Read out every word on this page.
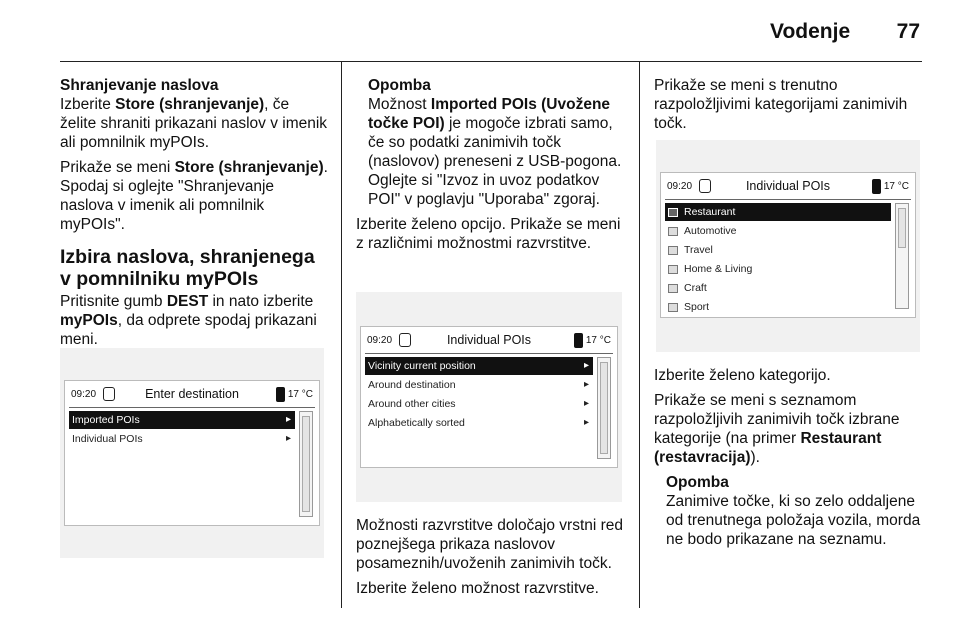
Vodenje 77
Shranjevanje naslova

Izberite Store (shranjevanje), če želite shraniti prikazani naslov v imenik ali pomnilnik myPOIs.

Prikaže se meni Store (shranjevanje). Spodaj si oglejte "Shranjevanje naslova v imenik ali pomnilnik myPOIs".

Izbira naslova, shranjenega v pomnilniku myPOIs

Pritisnite gumb DEST in nato izberite myPOIs, da odprete spodaj prikazani meni.

09:20	Enter destination	17 °C
Imported POIs	▸
Individual POIs	▸
Opomba

Možnost Imported POIs (Uvožene točke POI) je mogoče izbrati samo, če so podatki zanimivih točk (naslovov) preneseni z USB-pogona. Oglejte si "Izvoz in uvoz podatkov POI" v poglavju "Uporaba" zgoraj.

Izberite želeno opcijo. Prikaže se meni z različnimi možnostmi razvrstitve.

09:20	Individual POIs	17 °C
Vicinity current position	▸
Around destination	▸
Around other cities	▸
Alphabetically sorted	▸

Možnosti razvrstitve določajo vrstni red poznejšega prikaza naslovov posameznih/uvoženih zanimivih točk.

Izberite želeno možnost razvrstitve.

Prikaže se meni s trenutno razpoložljivimi kategorijami zanimivih točk.

09:20	Individual POIs	17 °C
Restaurant
Automotive
Travel
Home & Living
Craft
Sport

Izberite želeno kategorijo.

Prikaže se meni s seznamom razpoložljivih zanimivih točk izbrane kategorije (na primer Restaurant (restavracija)).

Opomba

Zanimive točke, ki so zelo oddaljene od trenutnega položaja vozila, morda ne bodo prikazane na seznamu.
